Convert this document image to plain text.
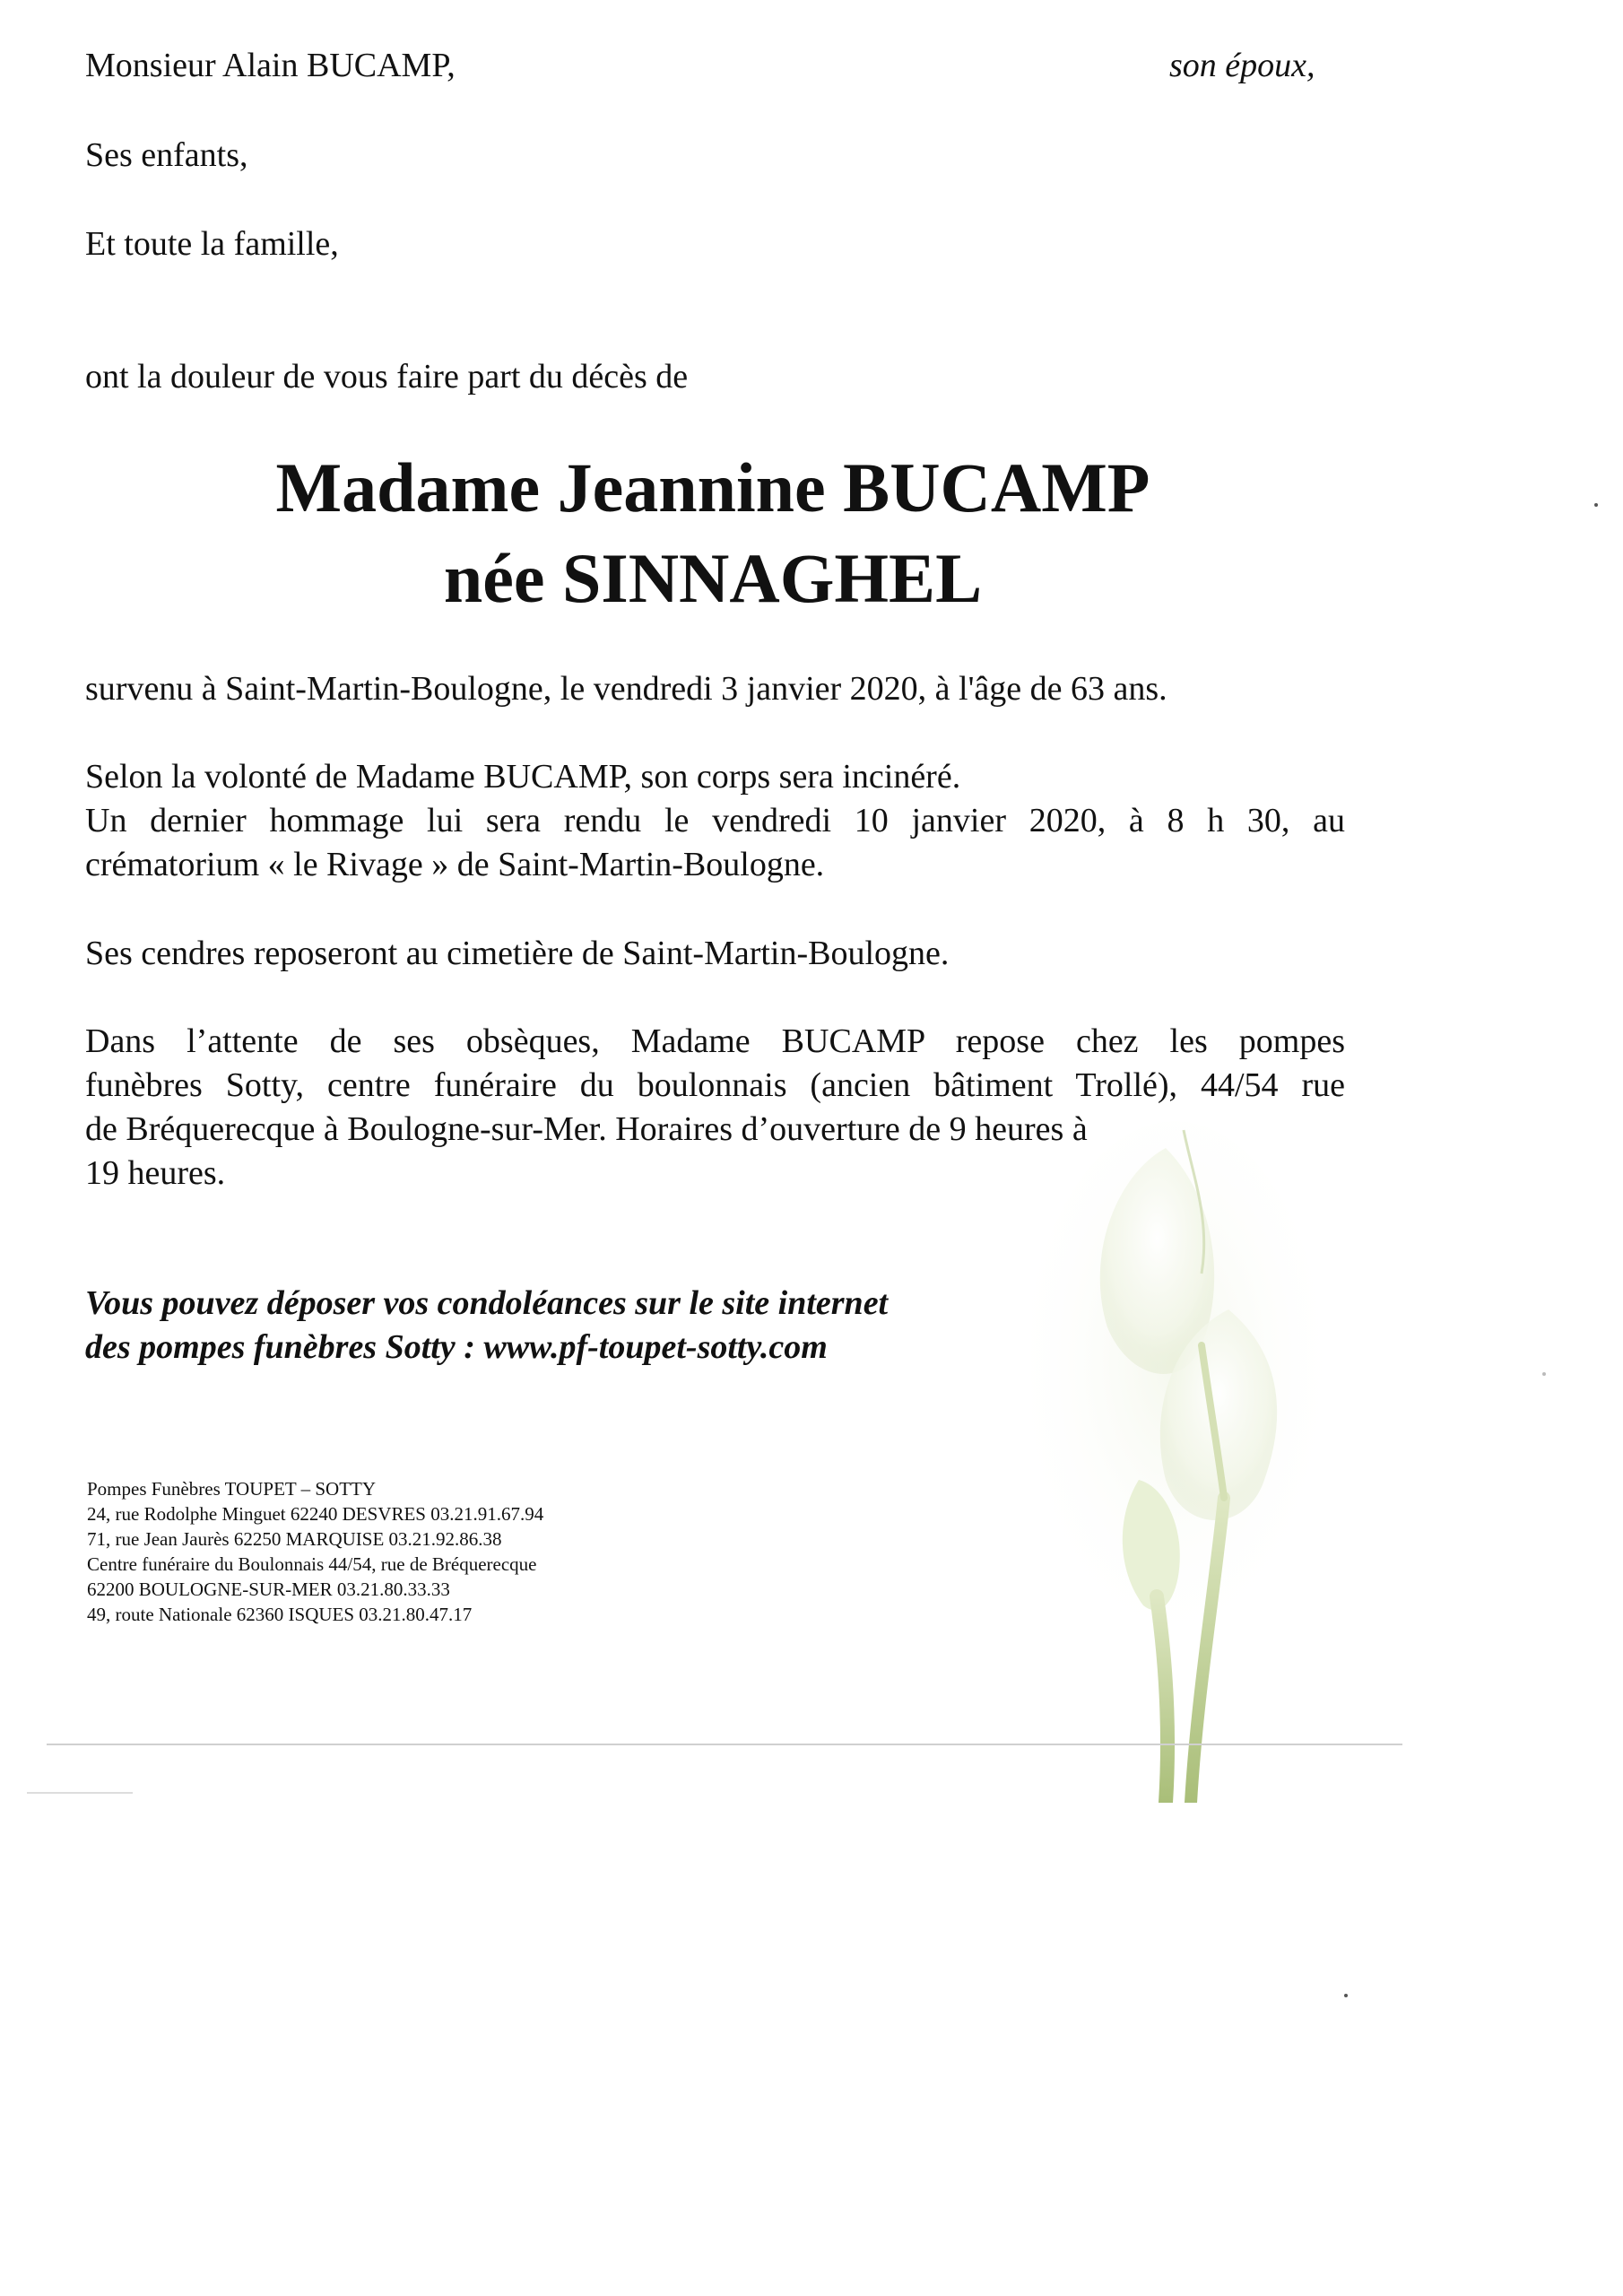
Monsieur Alain BUCAMP,	son époux,
Ses enfants,
Et toute la famille,
ont la douleur de vous faire part du décès de
Madame Jeannine BUCAMP
née SINNAGHEL
survenu à Saint-Martin-Boulogne, le vendredi 3 janvier 2020, à l'âge de 63 ans.
Selon la volonté de Madame BUCAMP, son corps sera incinéré.
Un dernier hommage lui sera rendu le vendredi 10 janvier 2020, à 8 h 30, au
crématorium « le Rivage » de Saint-Martin-Boulogne.
Ses cendres reposeront au cimetière de Saint-Martin-Boulogne.
Dans l’attente de ses obsèques, Madame BUCAMP repose chez les pompes
funèbres Sotty, centre funéraire du boulonnais (ancien bâtiment Trollé), 44/54 rue
de Bréquerecque à Boulogne-sur-Mer. Horaires d’ouverture de 9 heures à
19 heures.
Vous pouvez déposer vos condoléances sur le site internet
des pompes funèbres Sotty : www.pf-toupet-sotty.com
Pompes Funèbres TOUPET – SOTTY
24, rue Rodolphe Minguet 62240 DESVRES 03.21.91.67.94
71, rue Jean Jaurès 62250 MARQUISE 03.21.92.86.38
Centre funéraire du Boulonnais 44/54, rue de Bréquerecque
62200 BOULOGNE-SUR-MER 03.21.80.33.33
49, route Nationale 62360 ISQUES 03.21.80.47.17
